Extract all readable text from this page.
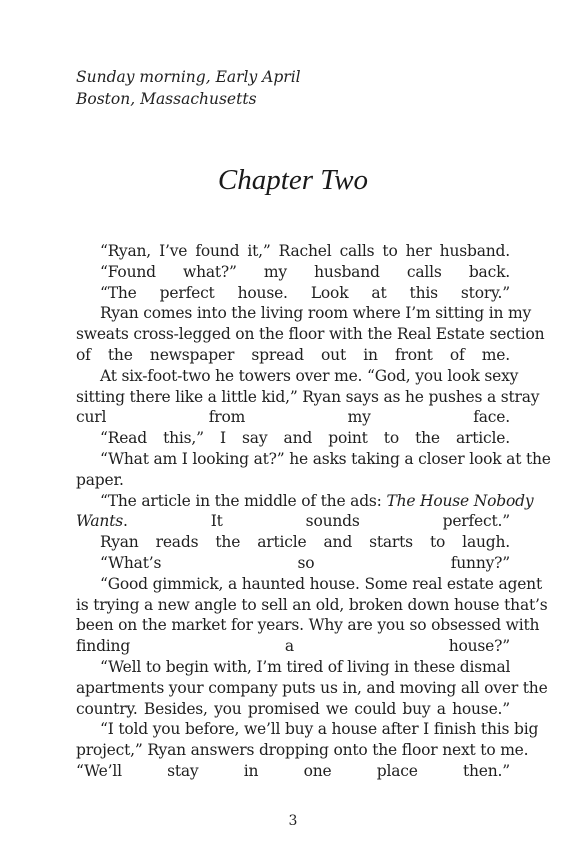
Sunday morning, Early April
Boston, Massachusetts
Chapter Two

“Ryan, I’ve found it,” Rachel calls to her husband.

“Found what?” my husband calls back.

“The perfect house. Look at this story.”

Ryan comes into the living room where I’m sitting in my
sweats cross-legged on the floor with the Real Estate section
of the newspaper spread out in front of me.

At six-foot-two he towers over me. “God, you look sexy
sitting there like a little kid,” Ryan says as he pushes a stray
curl from my face.

“Read this,” I say and point to the article.

“What am I looking at?” he asks taking a closer look at the
paper.

“The article in the middle of the ads: The House Nobody
Wants. It sounds perfect.”

Ryan reads the article and starts to laugh.

“What’s so funny?”

“Good gimmick, a haunted house. Some real estate agent
is trying a new angle to sell an old, broken down house that’s
been on the market for years. Why are you so obsessed with
finding a house?”

“Well to begin with, I’m tired of living in these dismal
apartments your company puts us in, and moving all over the
country. Besides, you promised we could buy a house.”

“I told you before, we’ll buy a house after I finish this big
project,” Ryan answers dropping onto the floor next to me.
“We’ll stay in one place then.”

3
